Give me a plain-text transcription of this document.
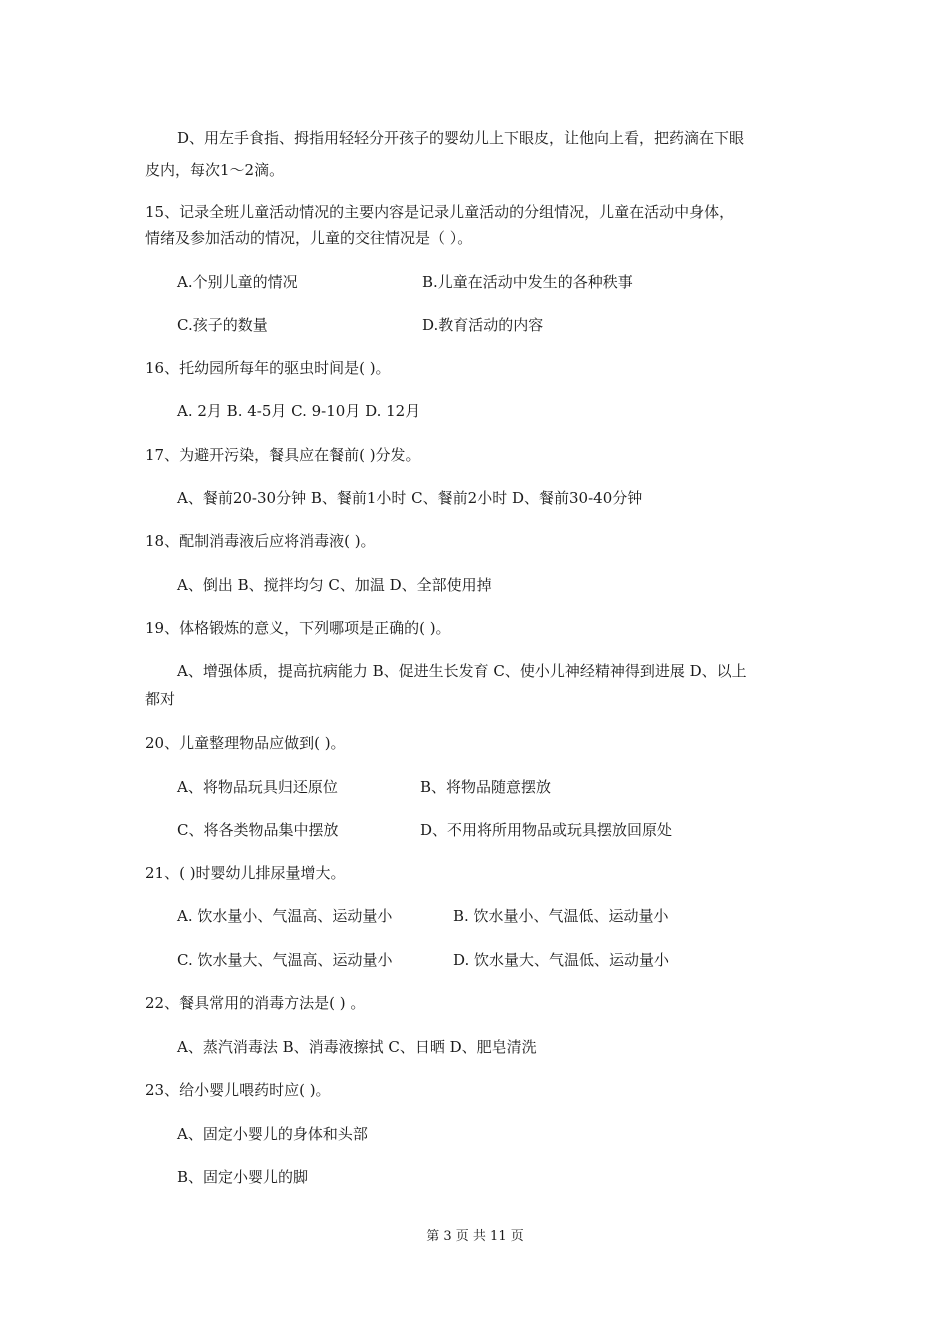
D、用左手食指、拇指用轻轻分开孩子的婴幼儿上下眼皮，让他向上看，把药滴在下眼
皮内，每次1～2滴。
15、记录全班儿童活动情况的主要内容是记录儿童活动的分组情况，儿童在活动中身体，
情绪及参加活动的情况，儿童的交往情况是（ ）。
A.个别儿童的情况	B.儿童在活动中发生的各种秩事
C.孩子的数量	D.教育活动的内容
16、托幼园所每年的驱虫时间是( )。
A. 2月 B. 4-5月 C. 9-10月 D. 12月
17、为避开污染，餐具应在餐前( )分发。
A、餐前20-30分钟 B、餐前1小时 C、餐前2小时 D、餐前30-40分钟
18、配制消毒液后应将消毒液( )。
A、倒出 B、搅拌均匀 C、加温 D、全部使用掉
19、体格锻炼的意义，下列哪项是正确的( )。
A、增强体质，提高抗病能力 B、促进生长发育 C、使小儿神经精神得到进展 D、以上
都对
20、儿童整理物品应做到( )。
A、将物品玩具归还原位	B、将物品随意摆放
C、将各类物品集中摆放	D、不用将所用物品或玩具摆放回原处
21、( )时婴幼儿排尿量增大。
A. 饮水量小、气温高、运动量小	B. 饮水量小、气温低、运动量小
C. 饮水量大、气温高、运动量小	D. 饮水量大、气温低、运动量小
22、餐具常用的消毒方法是( ) 。
A、蒸汽消毒法 B、消毒液擦拭 C、日晒 D、肥皂清洗
23、给小婴儿喂药时应( )。
A、固定小婴儿的身体和头部
B、固定小婴儿的脚
第 3 页 共 11 页
